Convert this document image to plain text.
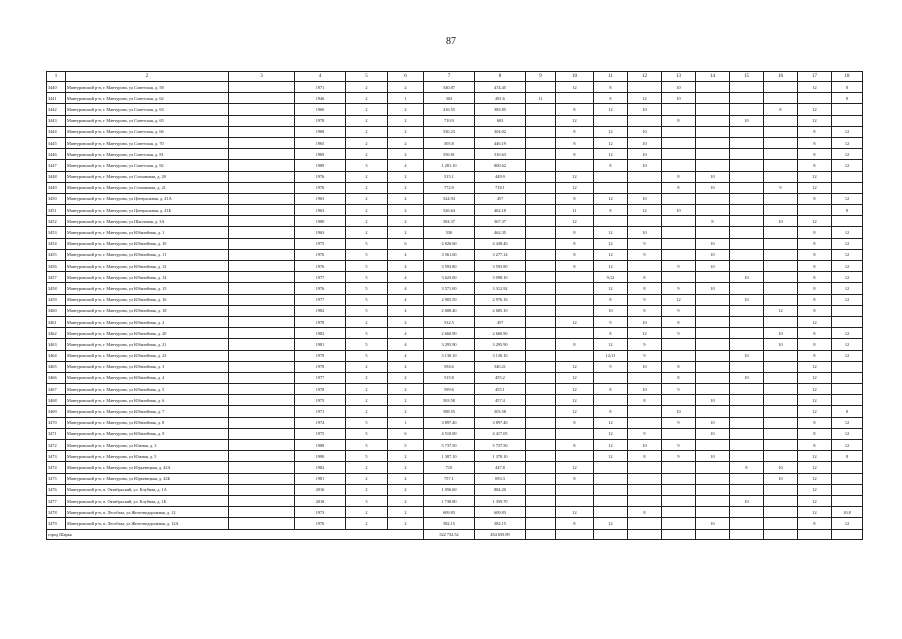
87
1	2	3	4	5	6	7	8	9	10	11	12	13	14	15	16	17	18
3440	Мантуровский р-н, г. Мантурово, ул Советская, д. 58		1971	2	2	540.87	474.45		12	8		10				12	8
3441	Мантуровский р-н, г. Мантурово, ул Советская, д. 62		1946	2	1	302	281.6	11		8	12	10					8
3442	Мантуровский р-н, г. Мантурово, ул Советская, д. 63		1960	2	2	416.55	383.85		8	12	10				8	12	
3443	Мантуровский р-н, г. Мантурово, ул Советская, д. 65		1978	2	2	710.9	603		12			8		10		12	
3444	Мантуровский р-н, г. Мантурово, ул Советская, д. 66		1968	2	2	530.23	304.02		8	12	10					8	12
3445	Мантуровский р-н, г. Мантурово, ул Советская, д. 70		1965	2	2	505.8	446.19		8	12	10					8	12
3446	Мантуровский р-н, г. Мантурово, ул Советская, д. 81		1969	2	2	556.81	510.63		8	12	10					8	12
3447	Мантуровский р-н, г. Мантурово, ул Советская, д. 82		1989	3	4	1 281.10	800.62			8	10					8	12
3448	Мантуровский р-н, г. Мантурово, ул Стахановая, д. 20		1976	2	2	515.1	449.9		12			8	10			12	
3449	Мантуровский р-н, г. Мантурово, ул Стахановая, д. 21		1976	2	2	772.9	718.1		12			8	10		9	12	
3450	Мантуровский р-н, г. Мантурово, ул Центральная, д. 41А		1963	2	2	524.94	457		8	12	10					8	12
3451	Мантуровский р-н, г. Мантурово, ул Центральная, д. 41Б		1963	2	2	526.64	462.18		11	8	12	10					8
3452	Мантуровский р-н, г. Мантурово, ул Школьная, д. 3А		1980	2	2	584.37	567.37		12				8		10	12	
3453	Мантуровский р-н, г. Мантурово, ул Юбилейная, д. 1		1963	2	2	530	462.35		8	12	10					8	12
3454	Мантуровский р-н, г. Мантурово, ул Юбилейная, д. 10		1975	5	6	4 826.60	4 438.40		8	12	9		10			8	12
3455	Мантуровский р-н, г. Мантурово, ул Юбилейная, д. 11		1976	5	4	3 561.60	3 277.14		8	12	9		10			8	12
3456	Мантуровский р-н, г. Мантурово, ул Юбилейная, д. 12		1976	5	4	3 593.80	3 593.80		8	12		9	10			8	12
3457	Мантуровский р-н, г. Мантурово, ул Юбилейная, д. 14		1977	5	4	3 623.00	3 098.10			9;12	8			10		8	12
3458	Мантуровский р-н, г. Мантурово, ул Юбилейная, д. 15		1976	5	4	3 571.00	3 312.92			12	8	9	10			8	12
3459	Мантуровский р-н, г. Мантурово, ул Юбилейная, д. 16		1977	5	4	2 905.50	2 976.16			8	9	12		10		8	12
3460	Мантуровский р-н, г. Мантурово, ул Юбилейная, д. 18		1982	5	4	2 688.40	2 685.10			10	8	9			12	8	
3461	Мантуровский р-н, г. Мантурово, ул Юбилейная, д. 2		1978	2	2	532.5	457		12	9	10	8				12	
3462	Мантуровский р-н, г. Мантурово, ул Юбилейная, д. 20		1982	5	4	2 660.90	2 660.90			8	12	9			10	8	12
3463	Мантуровский р-н, г. Мантурово, ул Юбилейная, д. 21		1981	5	4	3 295.90	3 295.90		8	12	9				10	8	12
3464	Мантуровский р-н, г. Мантурово, ул Юбилейная, д. 23		1979	5	4	3 130.10	3 130.10			12;11	9			10		8	12
3465	Мантуровский р-н, г. Мантурово, ул Юбилейная, д. 3		1978	2	2	594.6	540.21		12	9	10	8				12	
3466	Мантуровский р-н, г. Мантурово, ул Юбилейная, д. 4		1977	2	2	515.8	455.2		12			8		10		12	
3467	Мантуровский р-н, г. Мантурово, ул Юбилейная, д. 5		1978	2	2	599.6	455.1		12	8	10	9				12	
3468	Мантуровский р-н, г. Мантурово, ул Юбилейная, д. 6		1975	2	2	503.58	457.4		12		8		10			12	
3469	Мантуровский р-н, г. Мантурово, ул Юбилейная, д. 7		1971	2	2	588.55	503.58		12	8		10				12	8
3470	Мантуровский р-н, г. Мантурово, ул Юбилейная, д. 8		1974	5	1	3 897.40	3 897.40		8	12		9	10			8	12
3471	Мантуровский р-н, г. Мантурово, ул Юбилейная, д. 9		1975	5	6	4 510.00	4 417.05			12	9		10			8	12
3472	Мантуровский р-н, г. Мантурово, ул Южная, д. 3		1988	5	5	5 737.50	5 737.50		8	12	10	9				8	12
3473	Мантуровский р-н, г. Мантурово, ул Южная, д. 5		1990	5	2	1 387.10	1 378.10			12	8	9	10			12	8
3474	Мантуровский р-н, г. Мантурово, ул Юрьевецкая, д. 42А		1982	2	2	710	447.8		12					8	10	12	
3475	Мантуровский р-н, г. Мантурово, ул Юрьевецкая, д. 42Б		1981	2	2	757.1	693.3		8						10	12	
3476	Мантуровский р-н, п. Октябрьский, ул. Клубная, д. 1А		2016	2	2	1 056.60	884.20									12	
3477	Мантуровский р-н, п. Октябрьский, ул. Клубная, д. 1Б		2018	3	2	1 738.80	1 359.70							10		12	
3478	Мантуровский р-н, п. Лесобаза, ул Железнодорожная, д. 12		1973	2	2	609.83	609.83		12		8					12	10,8
3479	Мантуровский р-н, п. Лесобаза, ул Железнодорожная, д. 12А		1976	2	2	582.15	582.15		8	12			10			8	12
город Шарья						522 732.52	454 659.89										
